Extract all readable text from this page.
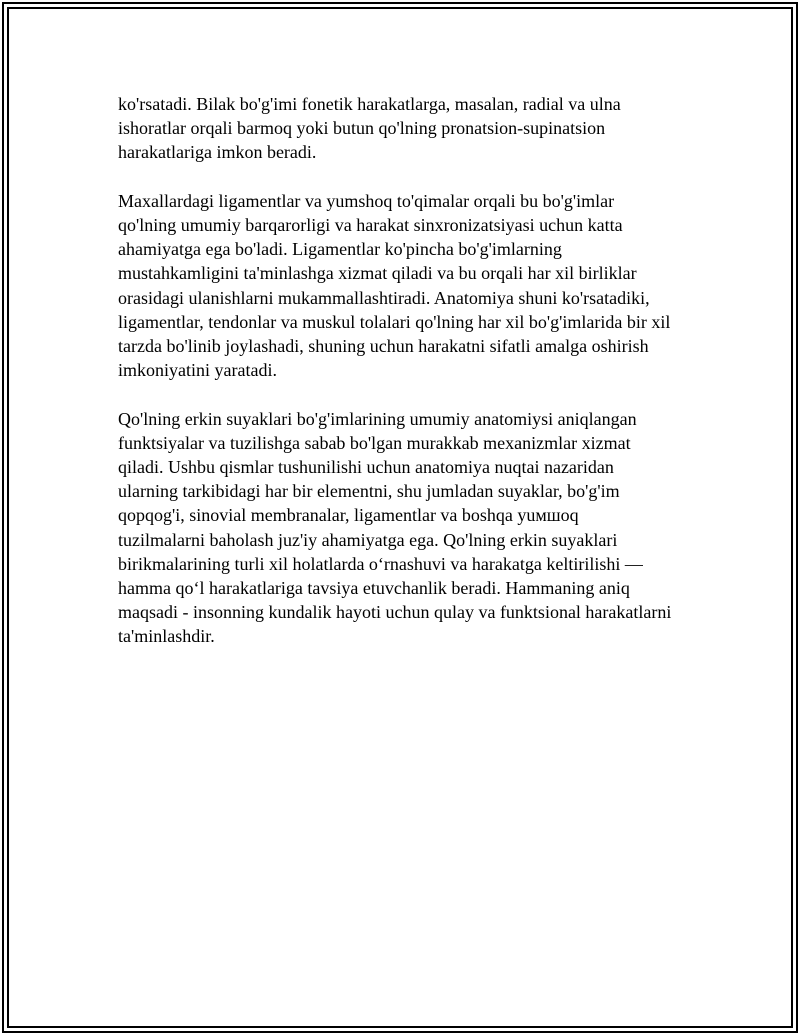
ko'rsatadi. Bilak bo'g'imi fonetik harakatlarga, masalan, radial va ulna
ishoratlar orqali barmoq yoki butun qo'lning pronatsion-supinatsion
harakatlariga imkon beradi.

Maxallardagi ligamentlar va yumshoq to'qimalar orqali bu bo'g'imlar
qo'lning umumiy barqarorligi va harakat sinxronizatsiyasi uchun katta
ahamiyatga ega bo'ladi. Ligamentlar ko'pincha bo'g'imlarning
mustahkamligini ta'minlashga xizmat qiladi va bu orqali har xil birliklar
orasidagi ulanishlarni mukammallashtiradi. Anatomiya shuni ko'rsatadiki,
ligamentlar, tendonlar va muskul tolalari qo'lning har xil bo'g'imlarida bir xil
tarzda bo'linib joylashadi, shuning uchun harakatni sifatli amalga oshirish
imkoniyatini yaratadi.

Qo'lning erkin suyaklari bo'g'imlarining umumiy anatomiysi aniqlangan
funktsiyalar va tuzilishga sabab bo'lgan murakkab mexanizmlar xizmat
qiladi. Ushbu qismlar tushunilishi uchun anatomiya nuqtai nazaridan
ularning tarkibidagi har bir elementni, shu jumladan suyaklar, bo'g'im
qopqog'i, sinovial membranalar, ligamentlar va boshqa yuмшоq
tuzilmalarni baholash juz'iy ahamiyatga ega. Qo'lning erkin suyaklari
birikmalarining turli xil holatlarda o‘rnashuvi va harakatga keltirilishi —
hamma qo‘l harakatlariga tavsiya etuvchanlik beradi. Hammaning aniq
maqsadi - insonning kundalik hayoti uchun qulay va funktsional harakatlarni
ta'minlashdir.
